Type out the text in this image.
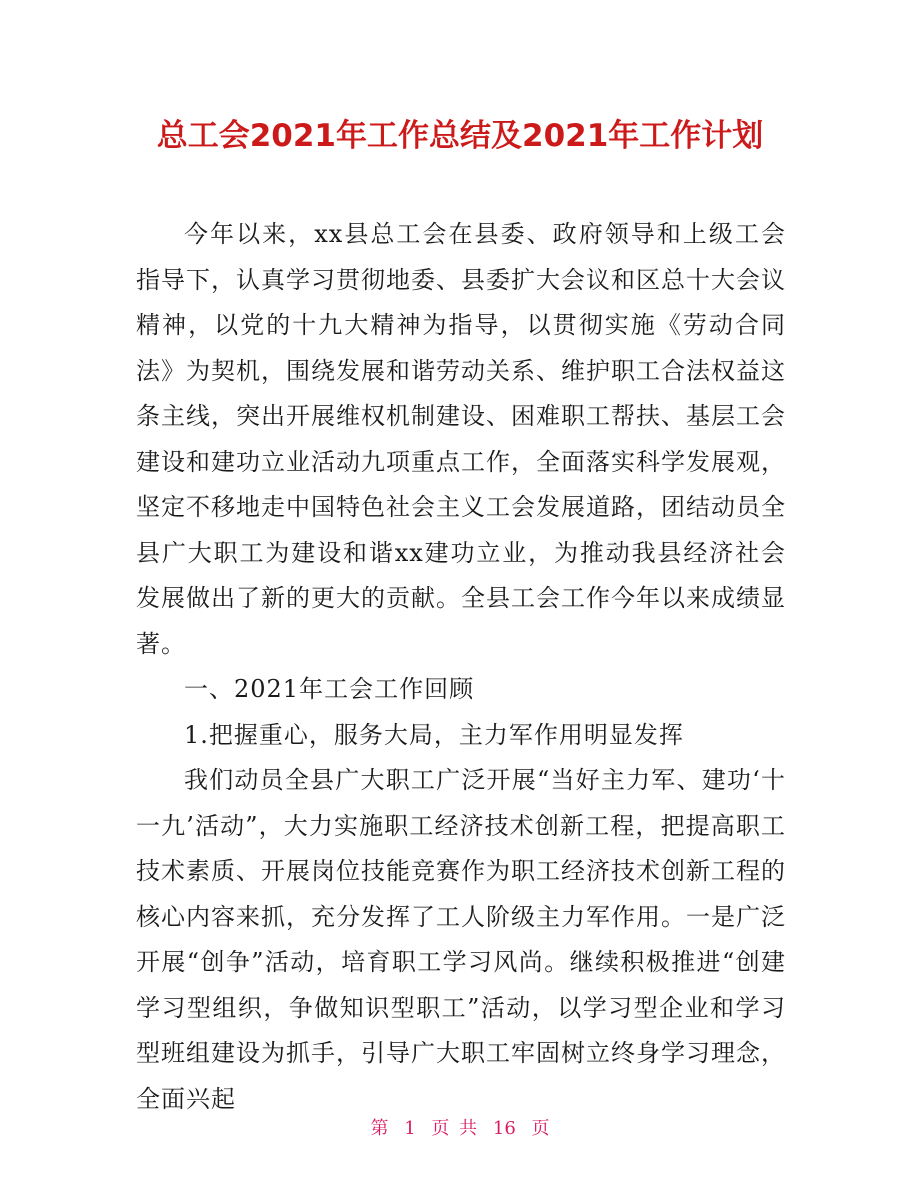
总工会2021年工作总结及2021年工作计划

今年以来，xx县总工会在县委、政府领导和上级工会指导下，认真学习贯彻地委、县委扩大会议和区总十大会议精神，以党的十九大精神为指导，以贯彻实施《劳动合同法》为契机，围绕发展和谐劳动关系、维护职工合法权益这条主线，突出开展维权机制建设、困难职工帮扶、基层工会建设和建功立业活动九项重点工作，全面落实科学发展观，坚定不移地走中国特色社会主义工会发展道路，团结动员全县广大职工为建设和谐xx建功立业，为推动我县经济社会发展做出了新的更大的贡献。全县工会工作今年以来成绩显著。

一、2021年工会工作回顾

1.把握重心，服务大局，主力军作用明显发挥

我们动员全县广大职工广泛开展“当好主力军、建功‘十一九’活动”，大力实施职工经济技术创新工程，把提高职工技术素质、开展岗位技能竞赛作为职工经济技术创新工程的核心内容来抓，充分发挥了工人阶级主力军作用。一是广泛开展“创争”活动，培育职工学习风尚。继续积极推进“创建学习型组织，争做知识型职工”活动，以学习型企业和学习型班组建设为抓手，引导广大职工牢固树立终身学习理念，全面兴起

第 1 页 共 16 页
